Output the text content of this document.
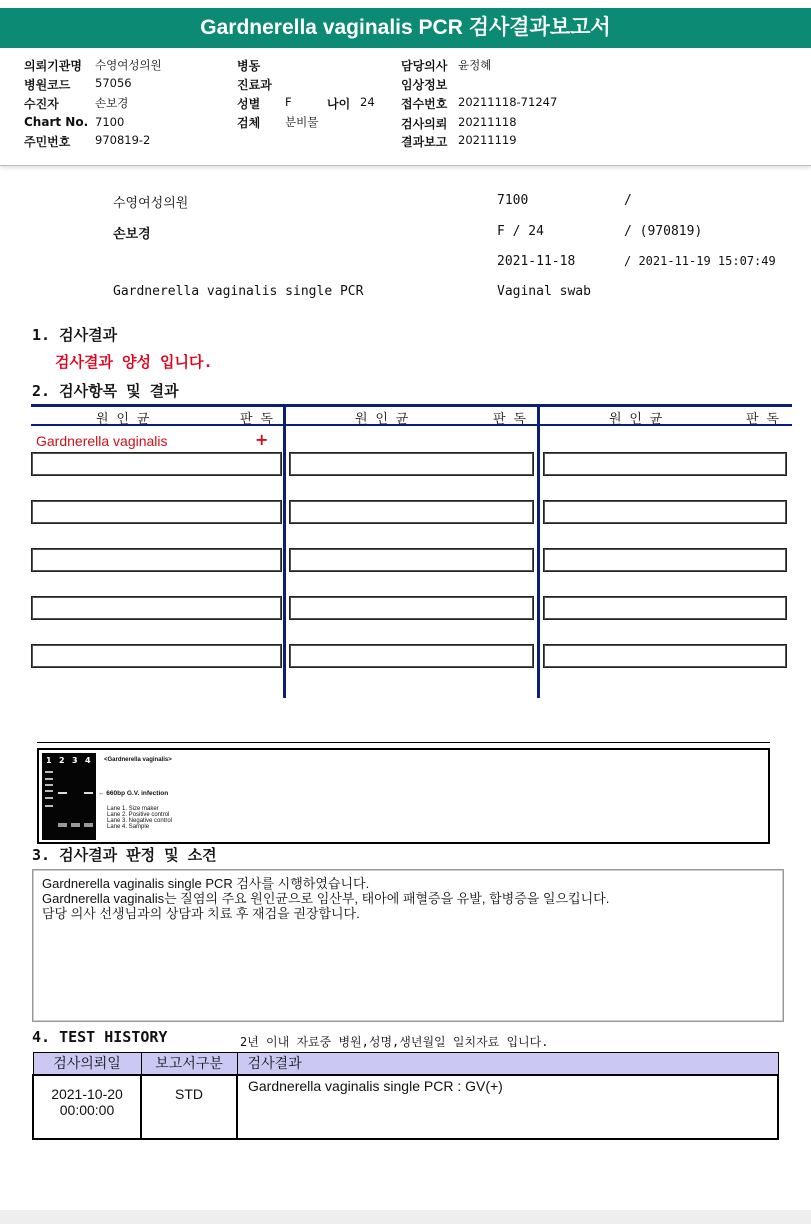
Gardnerella vaginalis PCR 검사결과보고서
의뢰기관명 수영여성의원
병원코드 57056
수진자	손보경
Chart No. 7100
주민번호 970819-2
병동
진료과
성별 F	나이 24
검체 분비물
담당의사 윤정혜
임상정보
접수번호 20211118-71247
검사의뢰 20211118
결과보고 20211119
수영여성의원	7100	/
손보경	F / 24	/ (970819)
2021-11-18	/ 2021-11-19 15:07:49
Gardnerella vaginalis single PCR	Vaginal swab
1. 검사결과
검사결과 양성 입니다.
2. 검사항목 및 결과
원 인 균	판 독	원 인 균	판 독	원 인 균	판 독
Gardnerella vaginalis	+
1 2 3 4 <Gardnerella vaginalis>
← 660bp G.V. infection
Lane 1. Size maker
Lane 2. Positive control
Lane 3. Negative control
Lane 4. Sample
3. 검사결과 판정 및 소견
Gardnerella vaginalis single PCR 검사를 시행하였습니다.
Gardnerella vaginalis는 질염의 주요 원인균으로 임산부, 태아에 패혈증을 유발, 합병증을 일으킵니다.
담당 의사 선생님과의 상담과 치료 후 재검을 권장합니다.
4. TEST HISTORY	2년 이내 자료중 병원,성명,생년월일 일치자료 입니다.
검사의뢰일	보고서구분	검사결과

2021-10-20
00:00:00	STD	Gardnerella vaginalis single PCR : GV(+)
